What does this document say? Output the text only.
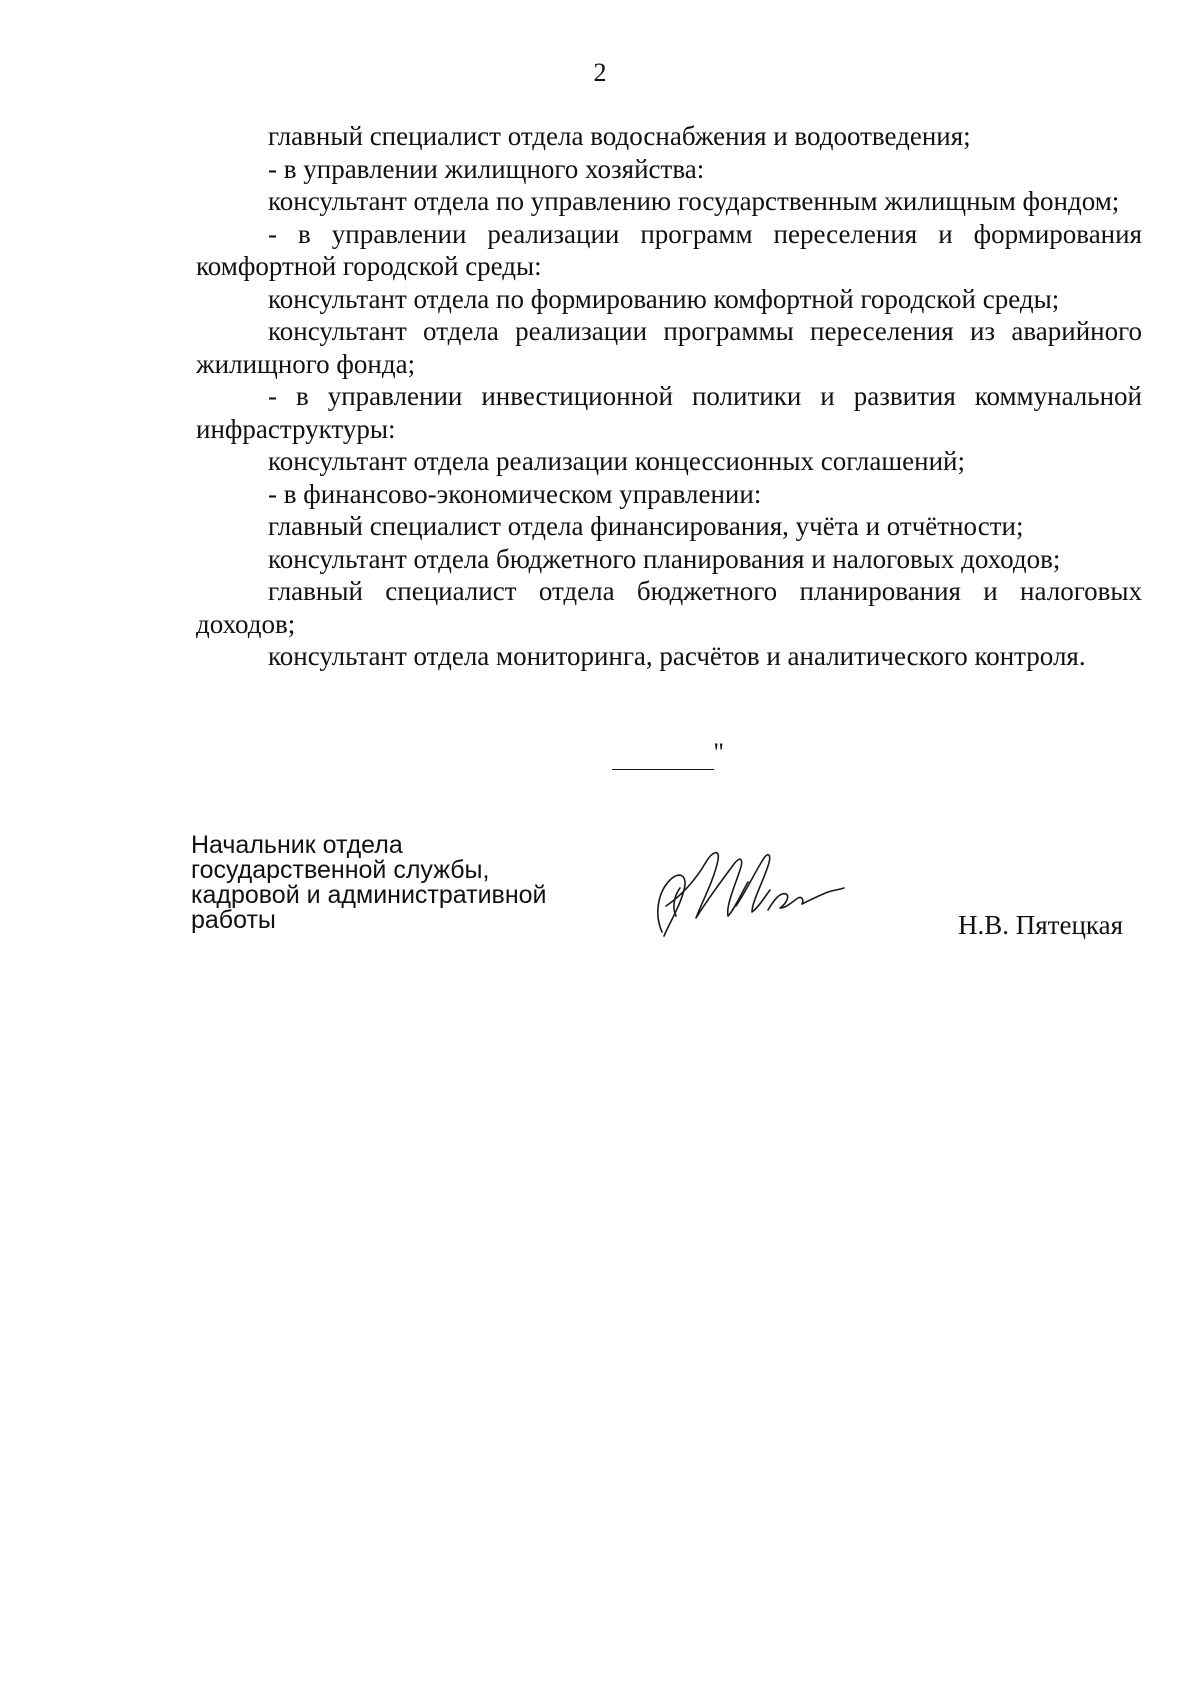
2

главный специалист отдела водоснабжения и водоотведения;

- в управлении жилищного хозяйства:

консультант отдела по управлению государственным жилищным фондом;

- в управлении реализации программ переселения и формирования комфортной городской среды:

консультант отдела по формированию комфортной городской среды;

консультант отдела реализации программы переселения из аварийного жилищного фонда;

- в управлении инвестиционной политики и развития коммунальной инфраструктуры:

консультант отдела реализации концессионных соглашений;

- в финансово-экономическом управлении:

главный специалист отдела финансирования, учёта и отчётности;

консультант отдела бюджетного планирования и налоговых доходов;

главный специалист отдела бюджетного планирования и налоговых доходов;

консультант отдела мониторинга, расчётов и аналитического контроля.

"
Начальник отдела
государственной службы,
кадровой и административной
работы	Н.В. Пятецкая
